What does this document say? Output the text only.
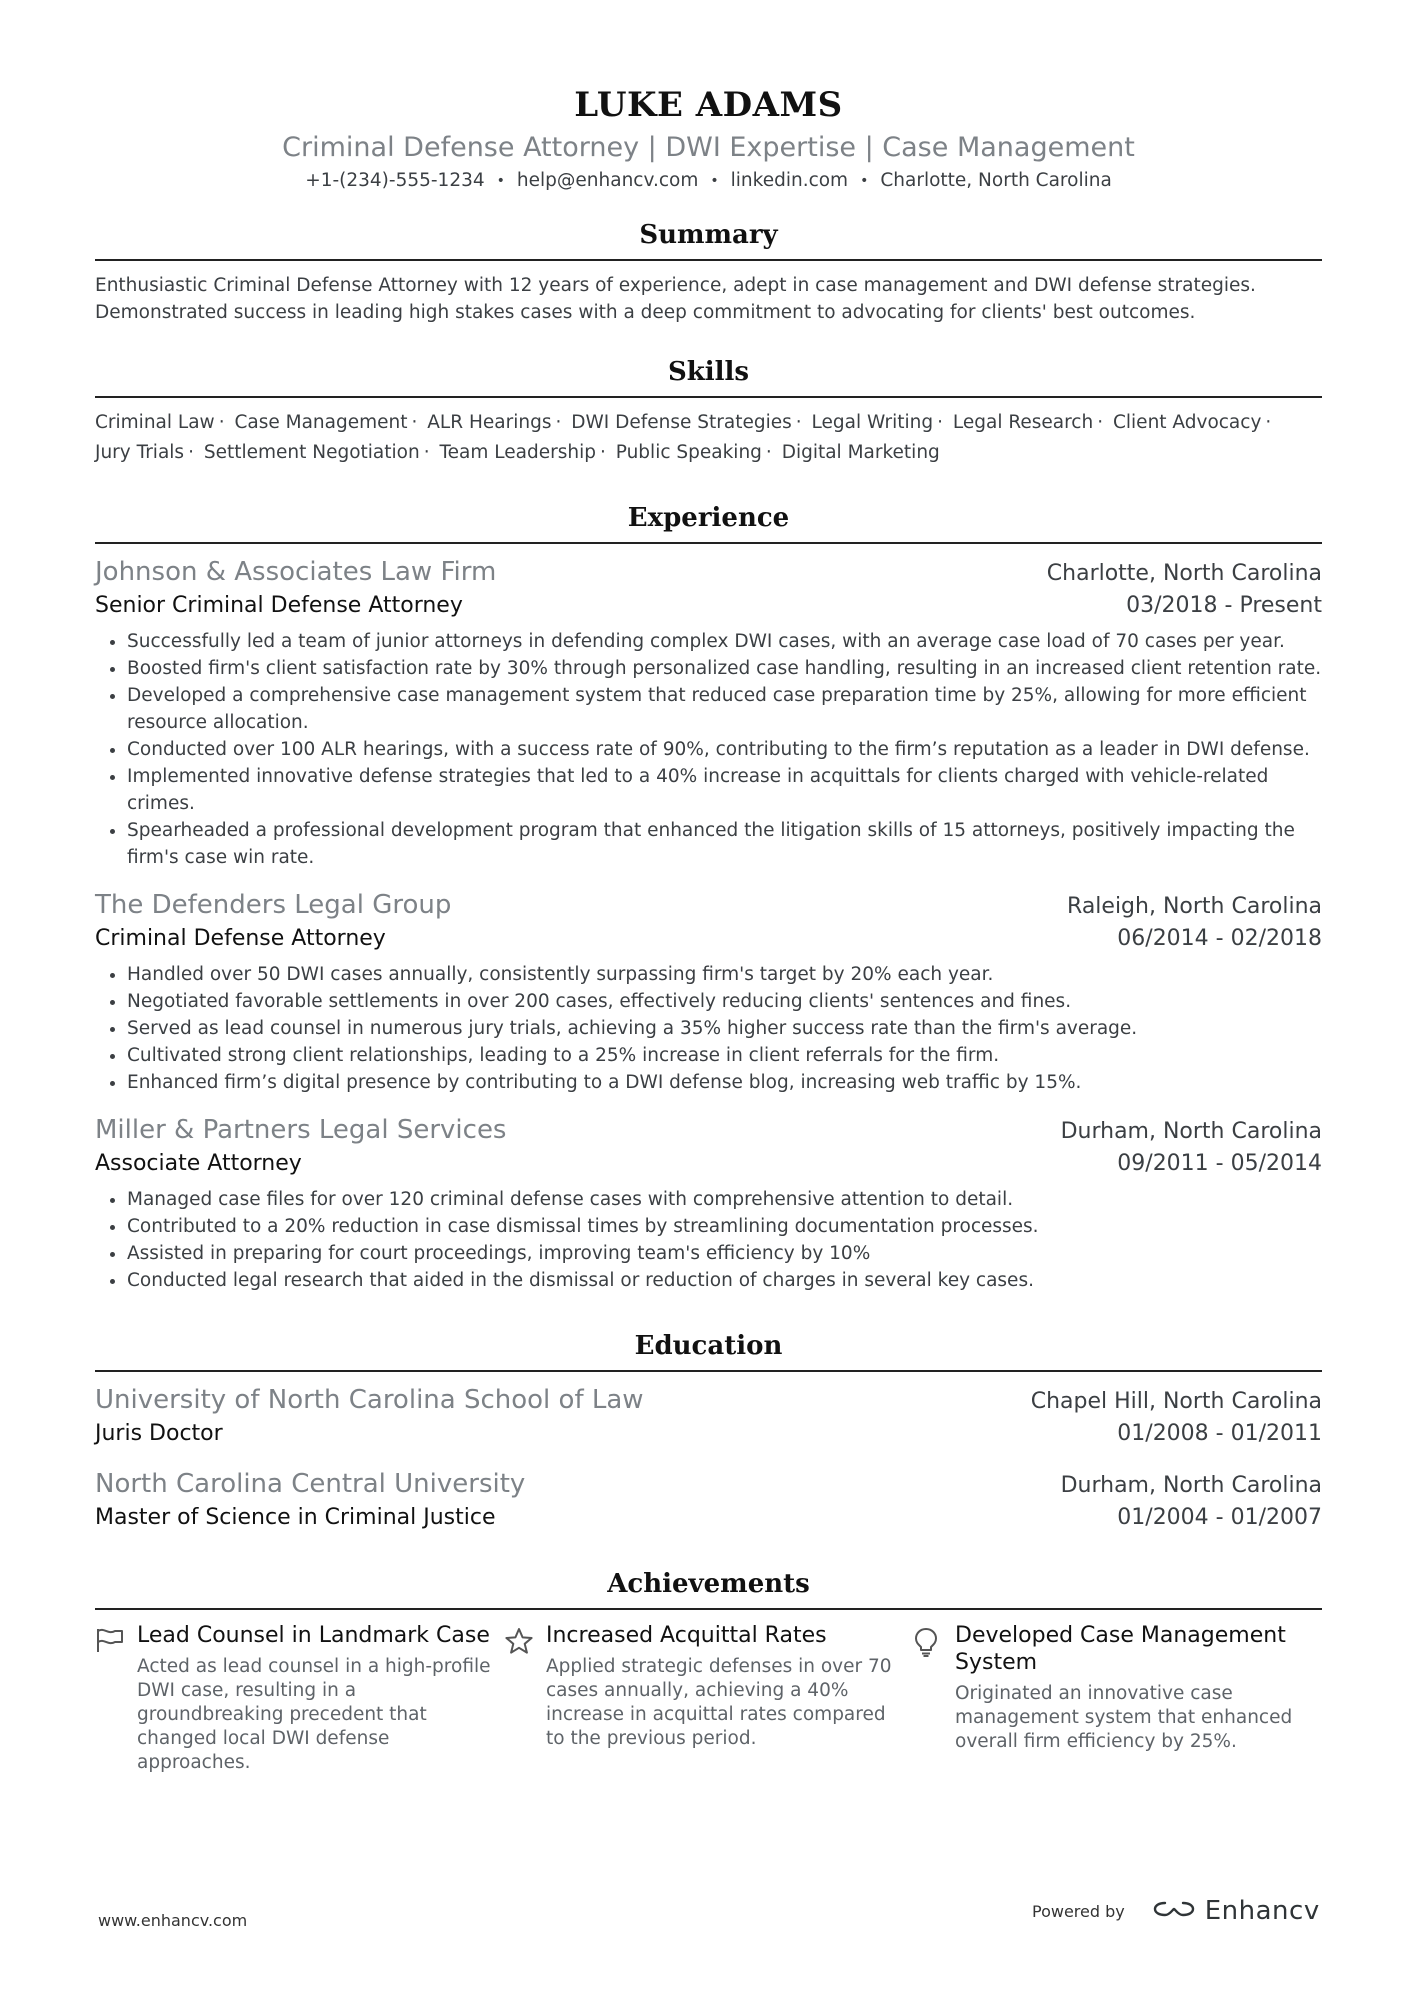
LUKE ADAMS
Criminal Defense Attorney | DWI Expertise | Case Management
+1-(234)-555-1234 • help@enhancv.com • linkedin.com • Charlotte, North Carolina
Summary
Enthusiastic Criminal Defense Attorney with 12 years of experience, adept in case management and DWI defense strategies. Demonstrated success in leading high stakes cases with a deep commitment to advocating for clients' best outcomes.
Skills
Criminal Law · Case Management · ALR Hearings · DWI Defense Strategies · Legal Writing · Legal Research · Client Advocacy ·
Jury Trials · Settlement Negotiation · Team Leadership · Public Speaking · Digital Marketing
Experience
Johnson & Associates Law Firm	Charlotte, North Carolina
Senior Criminal Defense Attorney	03/2018 - Present
• Successfully led a team of junior attorneys in defending complex DWI cases, with an average case load of 70 cases per year.
• Boosted firm's client satisfaction rate by 30% through personalized case handling, resulting in an increased client retention rate.
• Developed a comprehensive case management system that reduced case preparation time by 25%, allowing for more efficient resource allocation.
• Conducted over 100 ALR hearings, with a success rate of 90%, contributing to the firm’s reputation as a leader in DWI defense.
• Implemented innovative defense strategies that led to a 40% increase in acquittals for clients charged with vehicle-related crimes.
• Spearheaded a professional development program that enhanced the litigation skills of 15 attorneys, positively impacting the firm's case win rate.
The Defenders Legal Group	Raleigh, North Carolina
Criminal Defense Attorney	06/2014 - 02/2018
• Handled over 50 DWI cases annually, consistently surpassing firm's target by 20% each year.
• Negotiated favorable settlements in over 200 cases, effectively reducing clients' sentences and fines.
• Served as lead counsel in numerous jury trials, achieving a 35% higher success rate than the firm's average.
• Cultivated strong client relationships, leading to a 25% increase in client referrals for the firm.
• Enhanced firm’s digital presence by contributing to a DWI defense blog, increasing web traffic by 15%.
Miller & Partners Legal Services	Durham, North Carolina
Associate Attorney	09/2011 - 05/2014
• Managed case files for over 120 criminal defense cases with comprehensive attention to detail.
• Contributed to a 20% reduction in case dismissal times by streamlining documentation processes.
• Assisted in preparing for court proceedings, improving team's efficiency by 10%
• Conducted legal research that aided in the dismissal or reduction of charges in several key cases.
Education
University of North Carolina School of Law	Chapel Hill, North Carolina
Juris Doctor	01/2008 - 01/2011
North Carolina Central University	Durham, North Carolina
Master of Science in Criminal Justice	01/2004 - 01/2007
Achievements
Lead Counsel in Landmark Case
Acted as lead counsel in a high-profile DWI case, resulting in a groundbreaking precedent that changed local DWI defense approaches.
Increased Acquittal Rates
Applied strategic defenses in over 70 cases annually, achieving a 40% increase in acquittal rates compared to the previous period.
Developed Case Management System
Originated an innovative case management system that enhanced overall firm efficiency by 25%.
www.enhancv.com	Powered by	Enhancv
